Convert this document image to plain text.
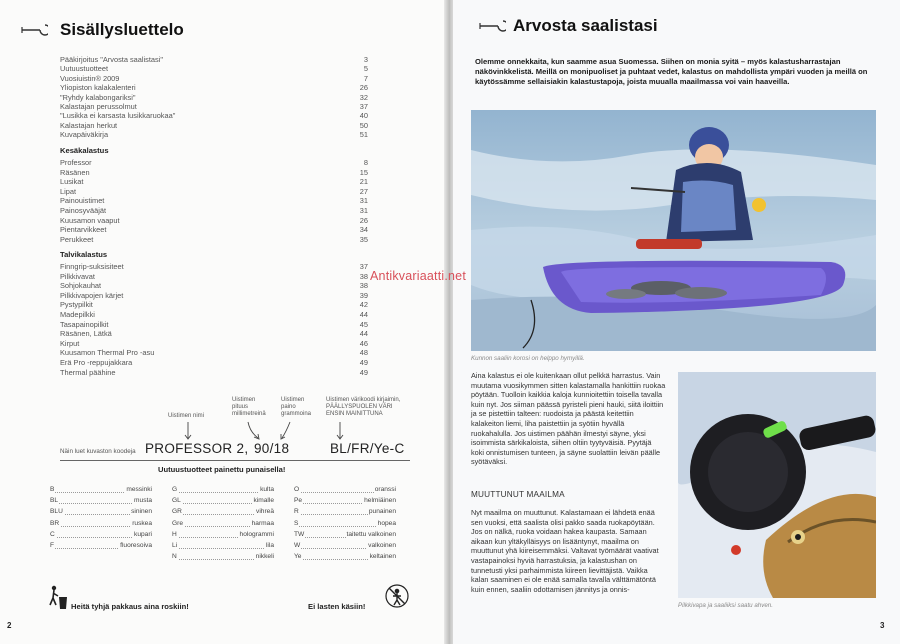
Sisällysluettelo
Pääkirjoitus "Arvosta saalistasi"	3
Uutuustuotteet	5
Vuosiuistin® 2009	7
Yliopiston kalakalenteri	26
"Ryhdy kalabongariksi"	32
Kalastajan perussolmut	37
"Lusikka ei karsasta lusikkaruokaa"	40
Kalastajan herkut	50
Kuvapäiväkirja	51
Kesäkalastus
Professor	8
Räsänen	15
Lusikat	21
Lipat	27
Painouistimet	31
Painosyvääjät	31
Kuusamon vaaput	26
Pientarvikkeet	34
Perukkeet	35
Talvikalastus
Finngrip-suksisiteet	37
Pilkkivavat	38
Sohjokauhat	38
Pilkkivapojen kärjet	39
Pystypilkit	42
Madepilkki	44
Tasapainopilkit	45
Räsänen, Lätkä	44
Kirput	46
Kuusamon Thermal Pro -asu	48
Erä Pro -reppujakkara	49
Thermal päähine	49
Uistimen nimi
Uistimen
pituus
millimetreinä
Uistimen
paino
grammoina
Uistimen värikoodi kirjaimin,
PÄÄLLYSPUOLEN VÄRI
ENSIN MAINITTUNA
Näin luet kuvaston koodeja PROFESSOR 2, 90/18	BL/FR/Ye-C
Uutuustuotteet painettu punaisella!
B	messinki
BL	musta
BLU	sininen
BR	ruskea
C	kupari
F	fluoresoiva
G	kulta
GL	kimalle
GR	vihreä
Gre	harmaa
H	hologrammi
Li	lila
N	nikkeli
O	oranssi
Pe	helmiäinen
R	punainen
S	hopea
TW	taitettu valkoinen
W	valkoinen
Ye	keltainen
Heitä tyhjä pakkaus aina roskiin!	Ei lasten käsiin!
2
Arvosta saalistasi
Olemme onnekkaita, kun saamme asua Suomessa. Siihen on monia syitä – myös kalastusharrastajan näkövinkkelistä. Meillä on monipuoliset ja puhtaat vedet, kalastus on mahdollista ympäri vuoden ja meillä on käytössämme sellaisiakin kalastustapoja, joista muualla maailmassa voi vain haaveilla.
Kunnon saaliin korosi on helppo hymyillä.
Aina kalastus ei ole kuitenkaan ollut pelkkä harrastus. Vain muutama vuosikymmen sitten kalastamalla hankittiin ruokaa pöytään. Tuolloin kaikkia kaloja kunnioitettiin toisella tavalla kuin nyt. Jos siiman päässä pyristeli pieni hauki, siitä iloittiin ja se pistettiin talteen: ruodoista ja päästä keitettiin kalakeiton liemi, liha paistettiin ja syötiin hyvällä ruokahalulla. Jos uistimen päähän ilmestyi säyne, yksi isoimmista särkikaloista, siihen oltiin tyytyväisiä. Pyytäjä koki onnistumisen tunteen, ja säyne suolattiin leivän päälle syötäväksi.
MUUTTUNUT MAAILMA
Nyt maailma on muuttunut. Kalastamaan ei lähdetä enää sen vuoksi, että saalista olisi pakko saada ruokapöytään. Jos on nälkä, ruoka voidaan hakea kaupasta. Samaan aikaan kun yltäkylläisyys on lisääntynyt, maailma on muuttunut yhä kiireisemmäksi. Valtavat työmäärät vaativat vastapainoksi hyviä harrastuksia, ja kalastushan on tunnetusti yksi parhaimmista kiireen lievittäjistä. Vaikka kalan saaminen ei ole enää samalla tavalla välttämätöntä kuin ennen, saaliin odottamisen jännitys ja onnis-
Pilkkivapa ja saaliiksi saatu ahven.
3
Antikvariaatti.net
